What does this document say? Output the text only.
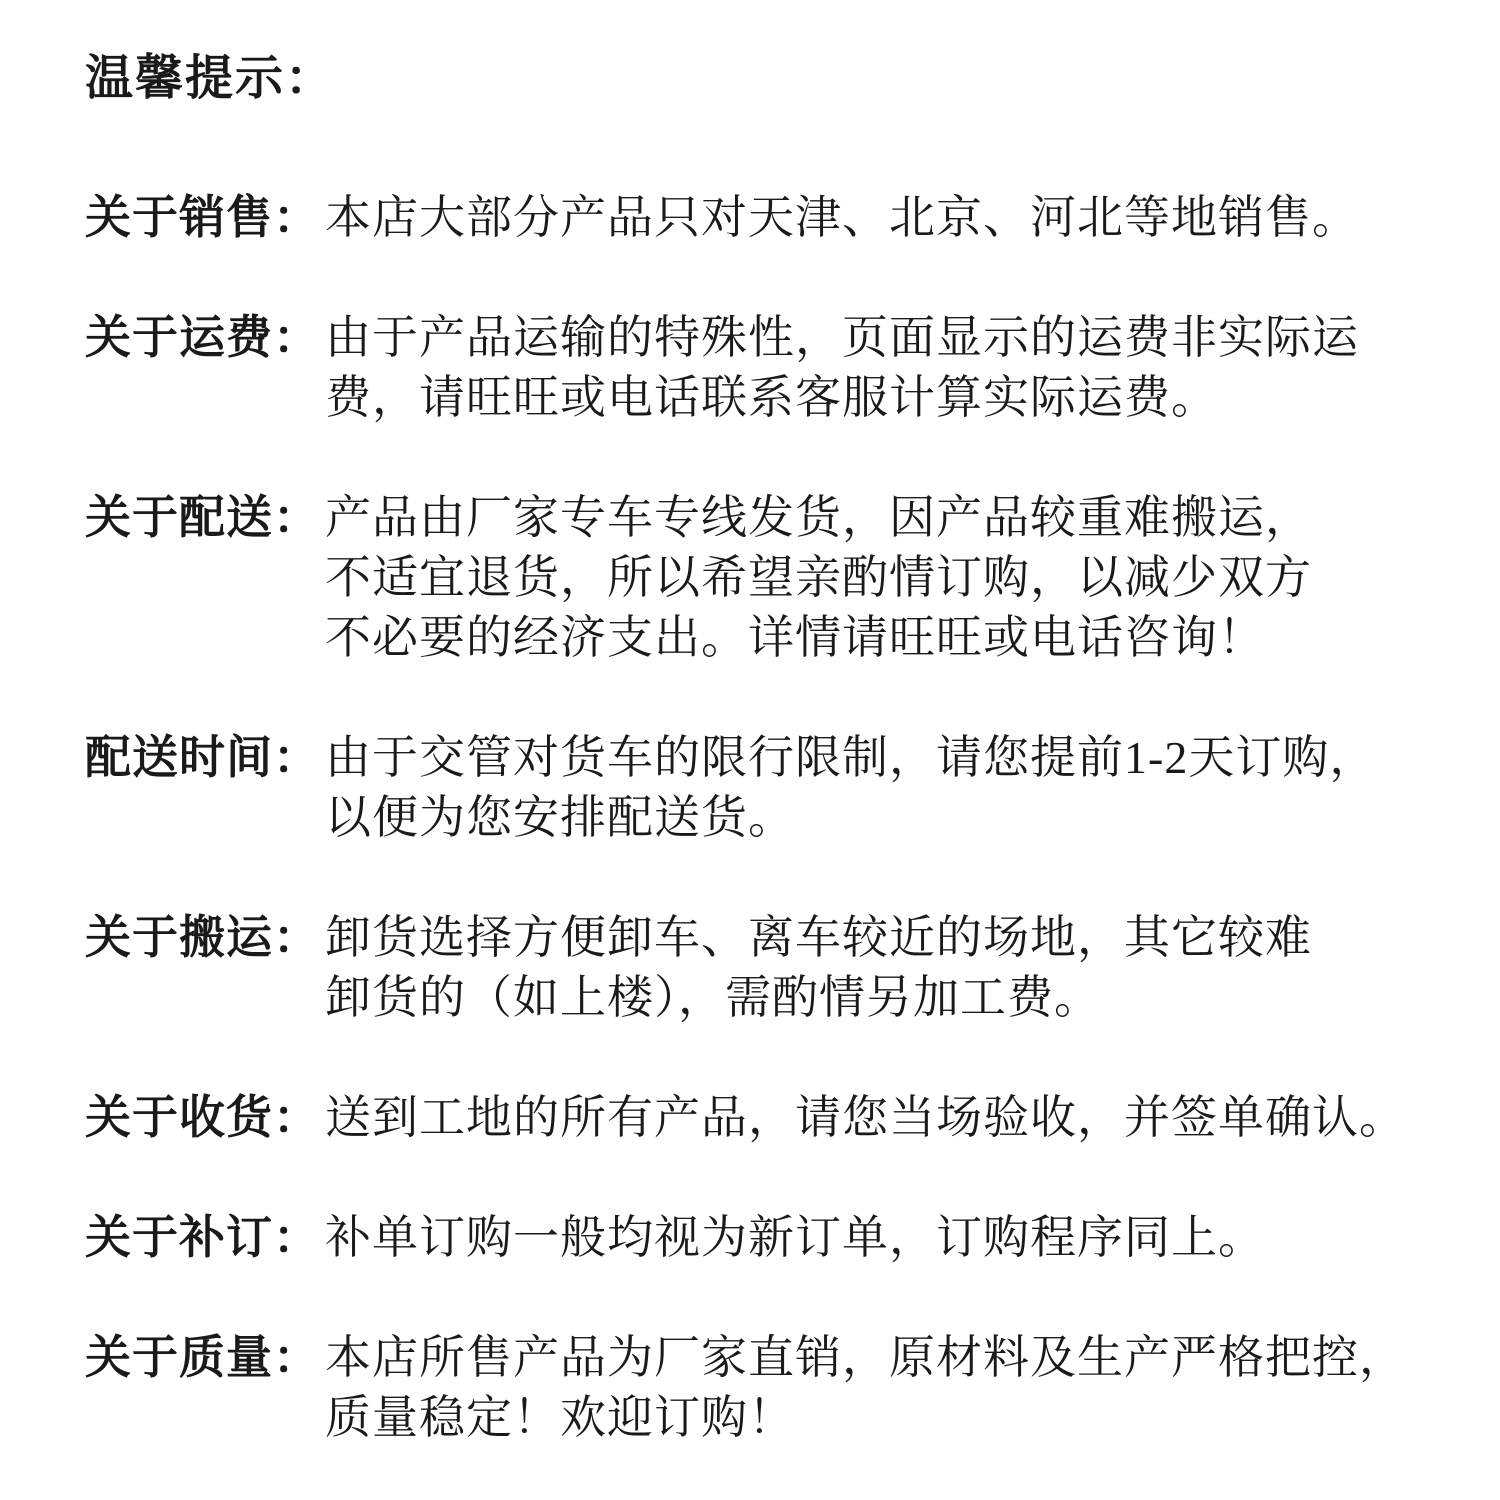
温馨提示：
关于销售： 本店大部分产品只对天津、北京、河北等地销售。
关于运费： 由于产品运输的特殊性，页面显示的运费非实际运
费，请旺旺或电话联系客服计算实际运费。
关于配送： 产品由厂家专车专线发货，因产品较重难搬运，
不适宜退货，所以希望亲酌情订购，以减少双方
不必要的经济支出。详情请旺旺或电话咨询！
配送时间： 由于交管对货车的限行限制，请您提前1-2天订购，
以便为您安排配送货。
关于搬运： 卸货选择方便卸车、离车较近的场地，其它较难
卸货的（如上楼），需酌情另加工费。
关于收货： 送到工地的所有产品，请您当场验收，并签单确认。
关于补订： 补单订购一般均视为新订单，订购程序同上。
关于质量： 本店所售产品为厂家直销，原材料及生产严格把控，
质量稳定！欢迎订购！
